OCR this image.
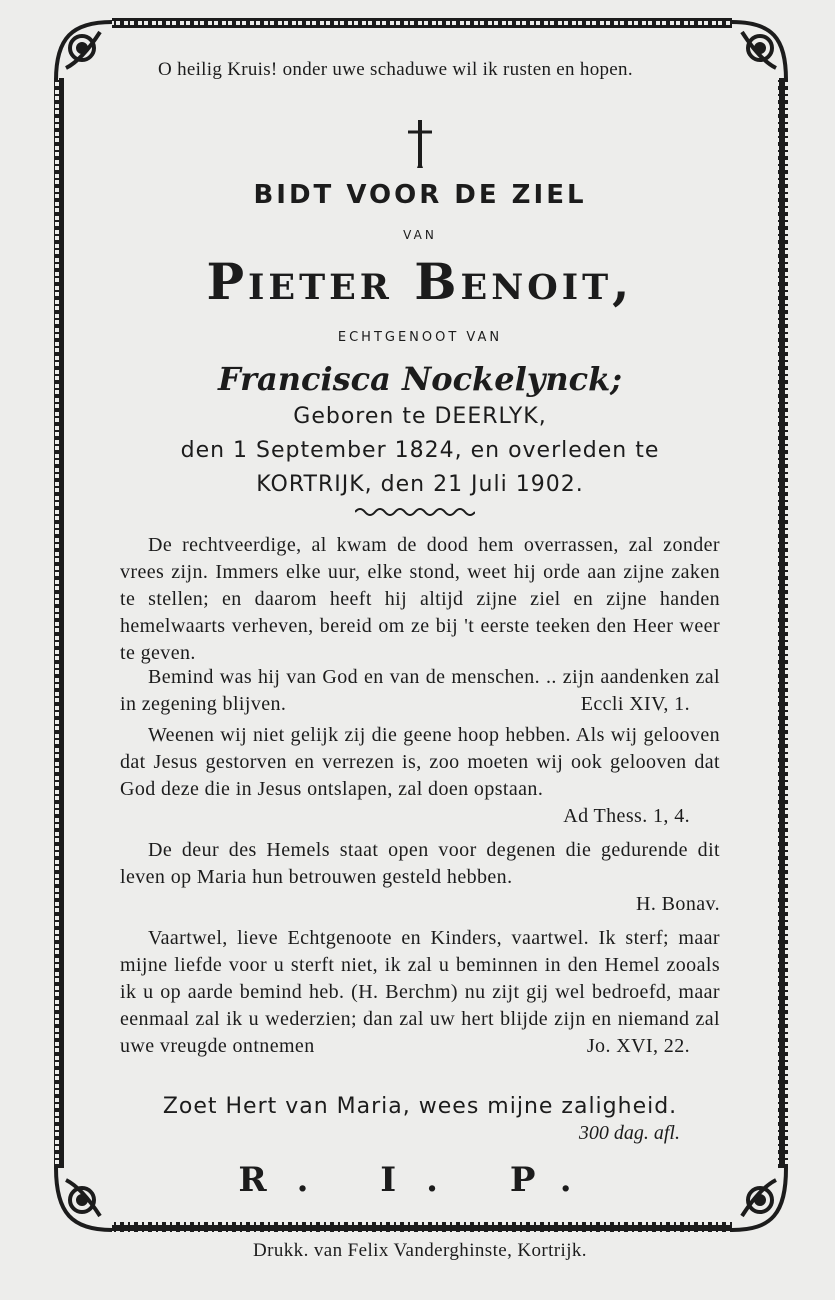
O heilig Kruis! onder uwe schaduwe wil ik rusten en hopen.
BIDT VOOR DE ZIEL
VAN
Pieter Benoit,
ECHTGENOOT VAN
Francisca Nockelynck;
Geboren te DEERLYK,
den 1 September 1824, en overleden te
KORTRIJK, den 21 Juli 1902.
De rechtveerdige, al kwam de dood hem overrassen, zal zonder vrees zijn. Immers elke uur, elke stond, weet hij orde aan zijne zaken te stellen; en daarom heeft hij altijd zijne ziel en zijne handen hemelwaarts verheven, bereid om ze bij 't eerste teeken den Heer weer te geven.
Bemind was hij van God en van de menschen. .. zijn aandenken zal in zegening blijven.	Eccli XIV, 1.
Weenen wij niet gelijk zij die geene hoop hebben. Als wij gelooven dat Jesus gestorven en verrezen is, zoo moeten wij ook gelooven dat God deze die in Jesus ontslapen, zal doen opstaan.
Ad Thess. 1, 4.
De deur des Hemels staat open voor degenen die gedurende dit leven op Maria hun betrouwen gesteld hebben.
H. Bonav.
Vaartwel, lieve Echtgenoote en Kinders, vaartwel. Ik sterf; maar mijne liefde voor u sterft niet, ik zal u beminnen in den Hemel zooals ik u op aarde bemind heb. (H. Berchm) nu zijt gij wel bedroefd, maar eenmaal zal ik u wederzien; dan zal uw hert blijde zijn en niemand zal uwe vreugde ontnemen	Jo. XVI, 22.
Zoet Hert van Maria, wees mijne zaligheid.
300 dag. afl.
R. I. P.
Drukk. van Felix Vanderghinste, Kortrijk.
